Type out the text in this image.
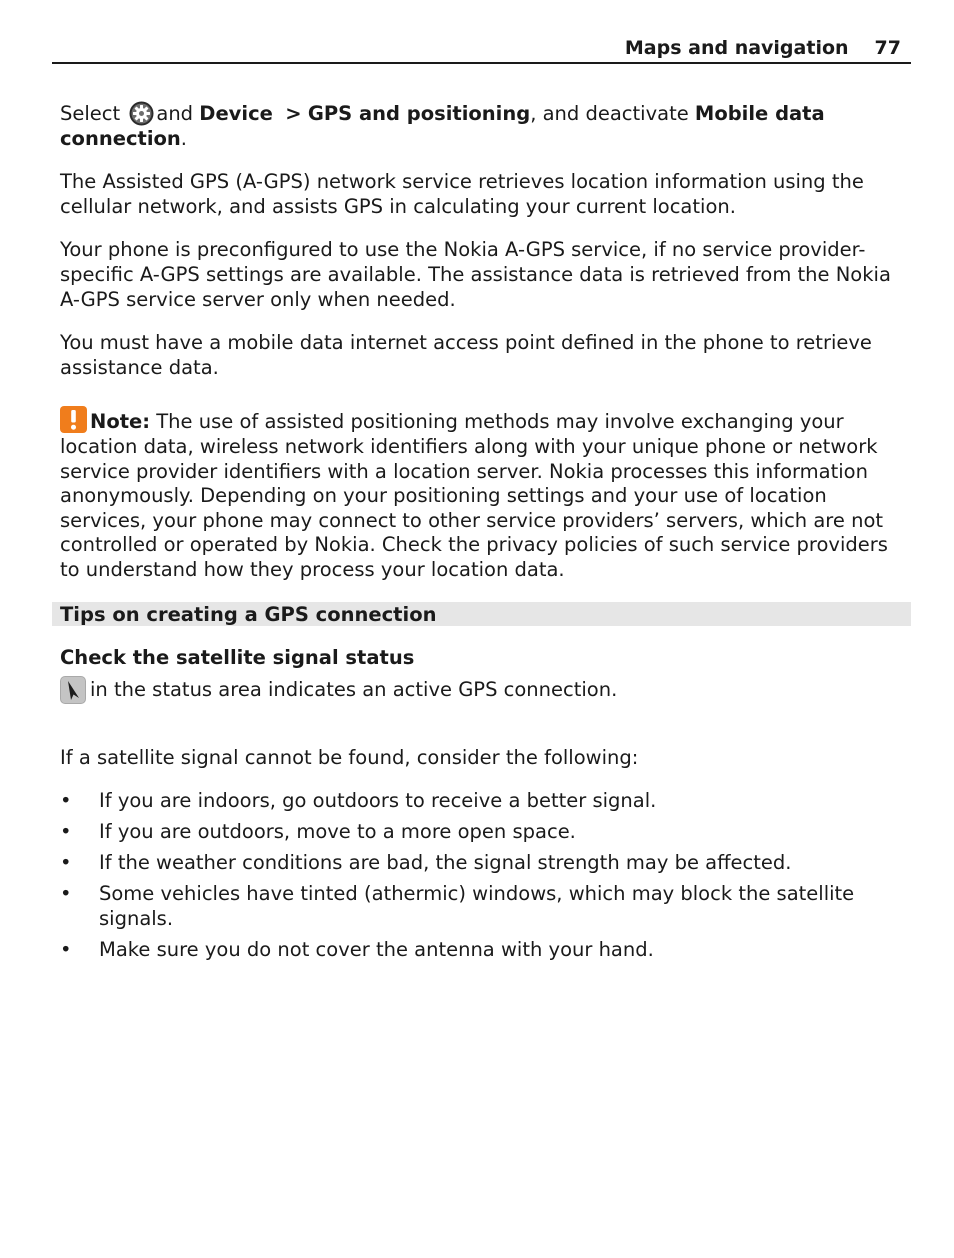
Maps and navigation 77

Select and Device > GPS and positioning, and deactivate Mobile data connection.

The Assisted GPS (A-GPS) network service retrieves location information using the cellular network, and assists GPS in calculating your current location.

Your phone is preconfigured to use the Nokia A-GPS service, if no service provider-specific A-GPS settings are available. The assistance data is retrieved from the Nokia A-GPS service server only when needed.

You must have a mobile data internet access point defined in the phone to retrieve assistance data.

Note: The use of assisted positioning methods may involve exchanging your location data, wireless network identifiers along with your unique phone or network service provider identifiers with a location server. Nokia processes this information anonymously. Depending on your positioning settings and your use of location services, your phone may connect to other service providers’ servers, which are not controlled or operated by Nokia. Check the privacy policies of such service providers to understand how they process your location data.

Tips on creating a GPS connection
Check the satellite signal status
in the status area indicates an active GPS connection.

If a satellite signal cannot be found, consider the following:

• If you are indoors, go outdoors to receive a better signal.
• If you are outdoors, move to a more open space.
• If the weather conditions are bad, the signal strength may be affected.
• Some vehicles have tinted (athermic) windows, which may block the satellite signals.
• Make sure you do not cover the antenna with your hand.
